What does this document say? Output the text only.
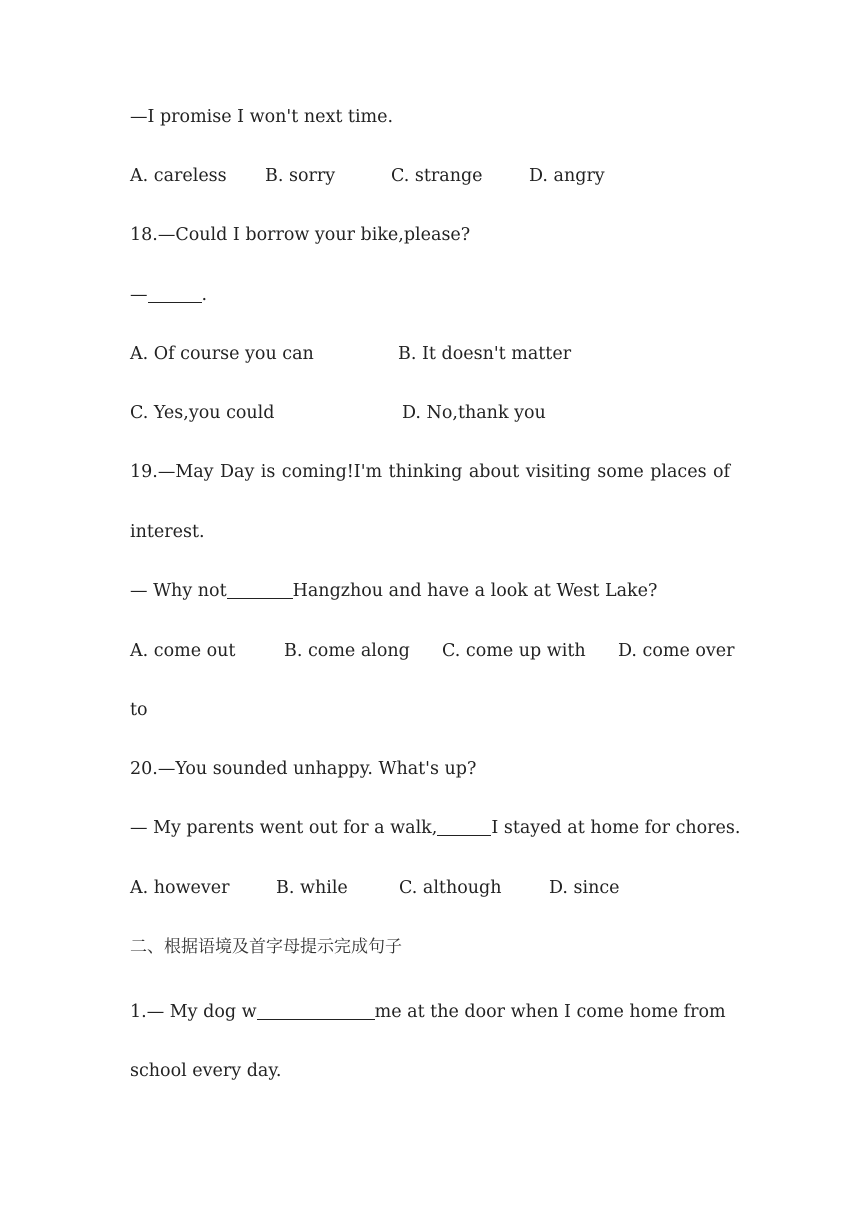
—I promise I won't next time.
A. careless B. sorry	C. strange	D. angry
18.—Could I borrow your bike,please?
—	.
A. Of course you can	B. It doesn't matter
C. Yes,you could	D. No,thank you
19.—May Day is coming!I'm thinking about visiting some places of
interest.
— Why not	Hangzhou and have a look at West Lake?
A. come out	B. come along C. come up with D. come over
to
20.—You sounded unhappy. What's up?
— My parents went out for a walk,	I stayed at home for chores.
A. however	B. while	C. although	D. since
二、根据语境及首字母提示完成句子
1.— My dog w	me at the door when I come home from
school every day.
